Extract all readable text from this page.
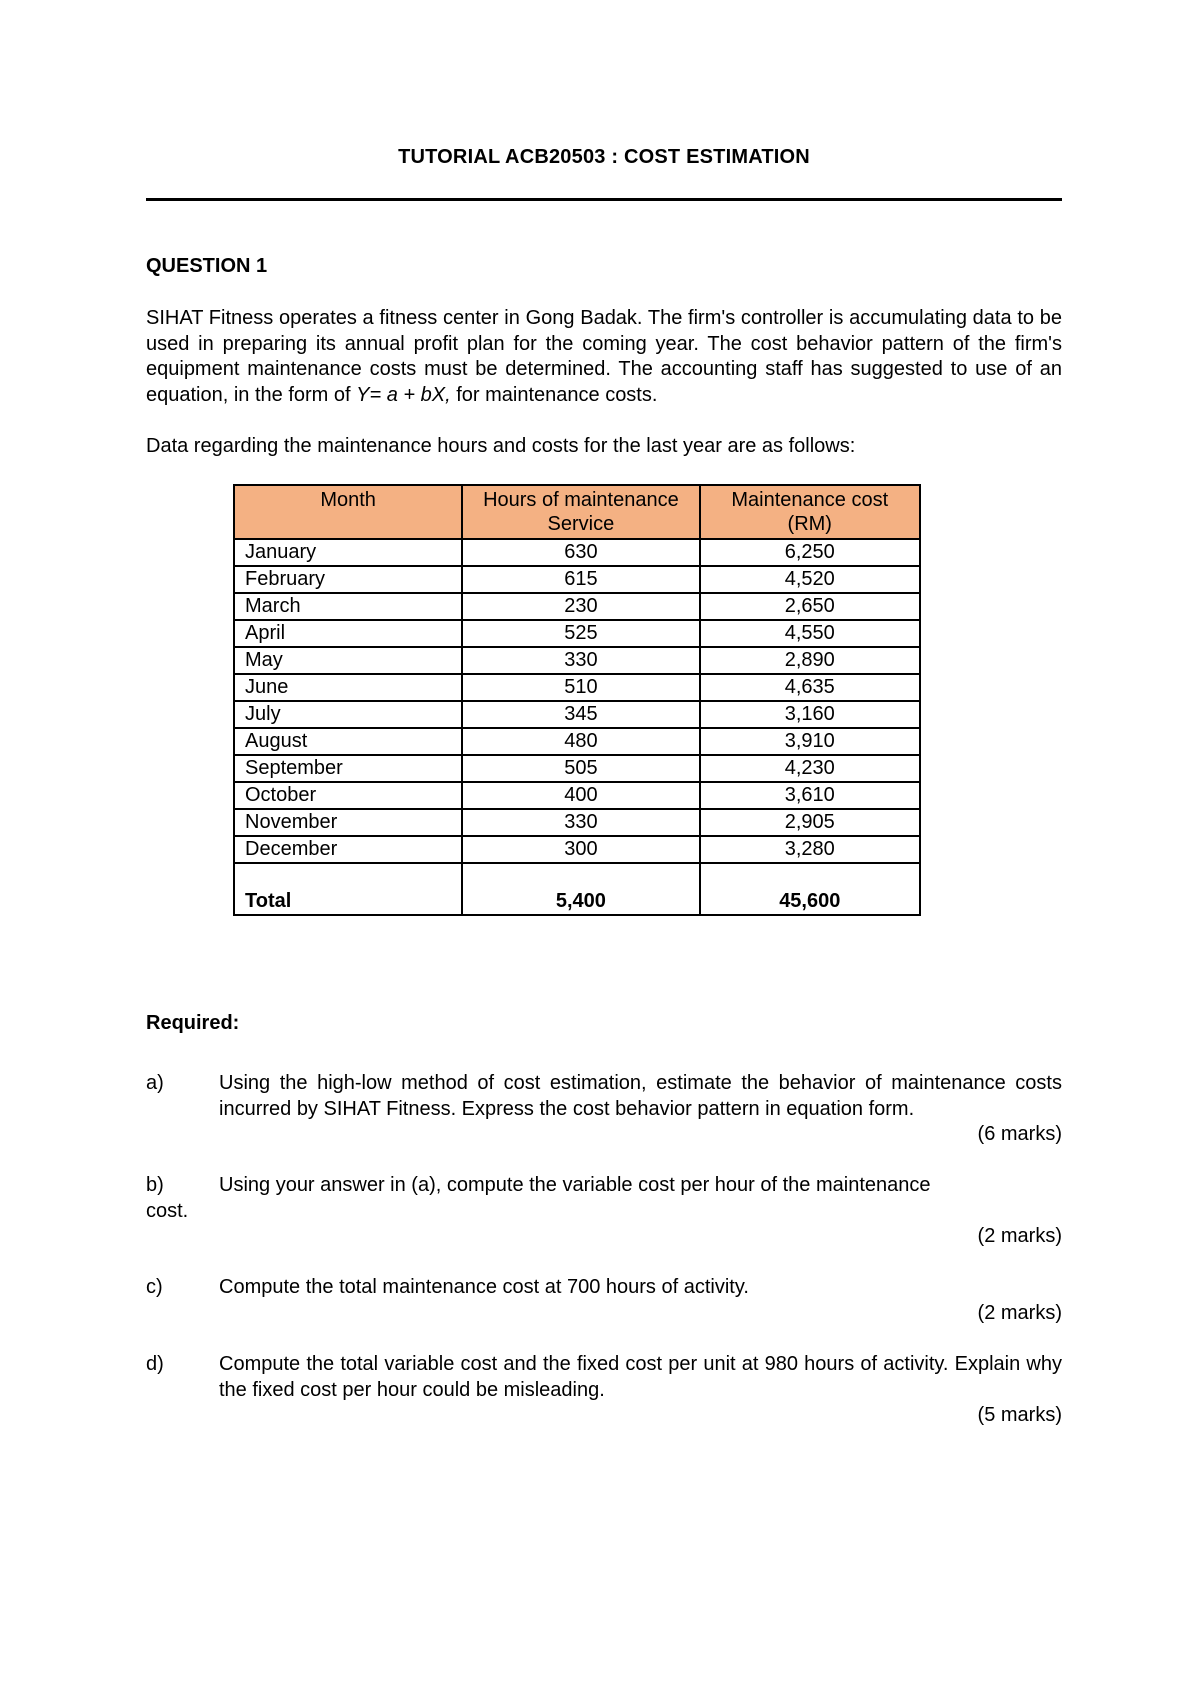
TUTORIAL ACB20503 : COST ESTIMATION
QUESTION 1
SIHAT Fitness operates a fitness center in Gong Badak. The firm's controller is accumulating data to be used in preparing its annual profit plan for the coming year. The cost behavior pattern of the firm's equipment maintenance costs must be determined. The accounting staff has suggested to use of an equation, in the form of Y= a + bX, for maintenance costs.
Data regarding the maintenance hours and costs for the last year are as follows:
Month	Hours of maintenance Service	Maintenance cost (RM)
January	630	6,250
February	615	4,520
March	230	2,650
April	525	4,550
May	330	2,890
June	510	4,635
July	345	3,160
August	480	3,910
September	505	4,230
October	400	3,610
November	330	2,905
December	300	3,280
Total	5,400	45,600
Required:
a)	Using the high-low method of cost estimation, estimate the behavior of maintenance costs incurred by SIHAT Fitness. Express the cost behavior pattern in equation form.
(6 marks)
b)	Using your answer in (a), compute the variable cost per hour of the maintenance
cost.
(2 marks)
c)	Compute the total maintenance cost at 700 hours of activity.
(2 marks)
d)	Compute the total variable cost and the fixed cost per unit at 980 hours of activity. Explain why the fixed cost per hour could be misleading.
(5 marks)
